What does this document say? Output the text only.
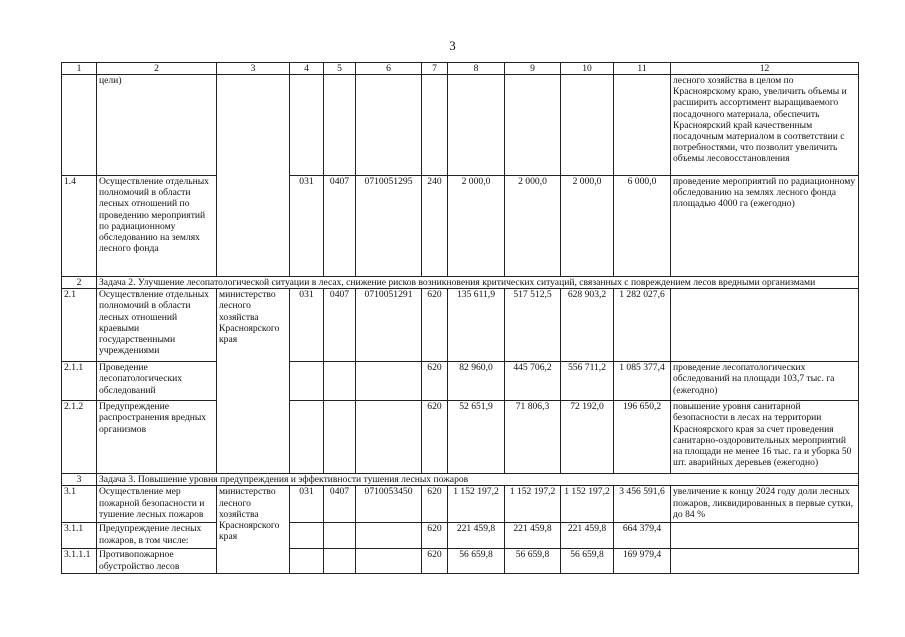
3
1	2	3	4	5	6	7	8	9	10	11	12
	цели)										лесного хозяйства в целом по Красноярскому краю, увеличить объемы и расширить ассортимент выращиваемого посадочного материала, обеспечить Красноярский край качественным посадочным материалом в соответствии с потребностями, что позволит увеличить объемы лесовосстановления
1.4	Осуществление отдельных полномочий в области лесных отношений по проведению мероприятий по радиационному обследованию на землях лесного фонда		031	0407	0710051295	240	2 000,0	2 000,0	2 000,0	6 000,0	проведение мероприятий по радиационному обследованию на землях лесного фонда площадью 4000 га (ежегодно)
2	Задача 2. Улучшение лесопатологической ситуации в лесах, снижение рисков возникновения критических ситуаций, связанных с повреждением лесов вредными организмами										
2.1	Осуществление отдельных полномочий в области лесных отношений краевыми государственными учреждениями	министерство лесного хозяйства Красноярского края	031	0407	0710051291	620	135 611,9	517 512,5	628 903,2	1 282 027,6	
2.1.1	Проведение лесопатологических обследований					620	82 960,0	445 706,2	556 711,2	1 085 377,4	проведение лесопатологических обследований на площади 103,7 тыс. га (ежегодно)
2.1.2	Предупреждение распространения вредных организмов					620	52 651,9	71 806,3	72 192,0	196 650,2	повышение уровня санитарной безопасности в лесах на территории Красноярского края за счет проведения санитарно-оздоровительных мероприятий на площади не менее 16 тыс. га и уборка 50 шт. аварийных деревьев (ежегодно)
3	Задача 3. Повышение уровня предупреждения и эффективности тушения лесных пожаров										
3.1	Осуществление мер пожарной безопасности и тушение лесных пожаров	министерство лесного хозяйства Красноярского края	031	0407	0710053450	620	1 152 197,2	1 152 197,2	1 152 197,2	3 456 591,6	увеличение к концу 2024 году доли лесных пожаров, ликвидированных в первые сутки, до 84 %
3.1.1	Предупреждение лесных пожаров, в том числе:					620	221 459,8	221 459,8	221 459,8	664 379,4	
3.1.1.1	Противопожарное обустройство лесов					620	56 659,8	56 659,8	56 659,8	169 979,4	
